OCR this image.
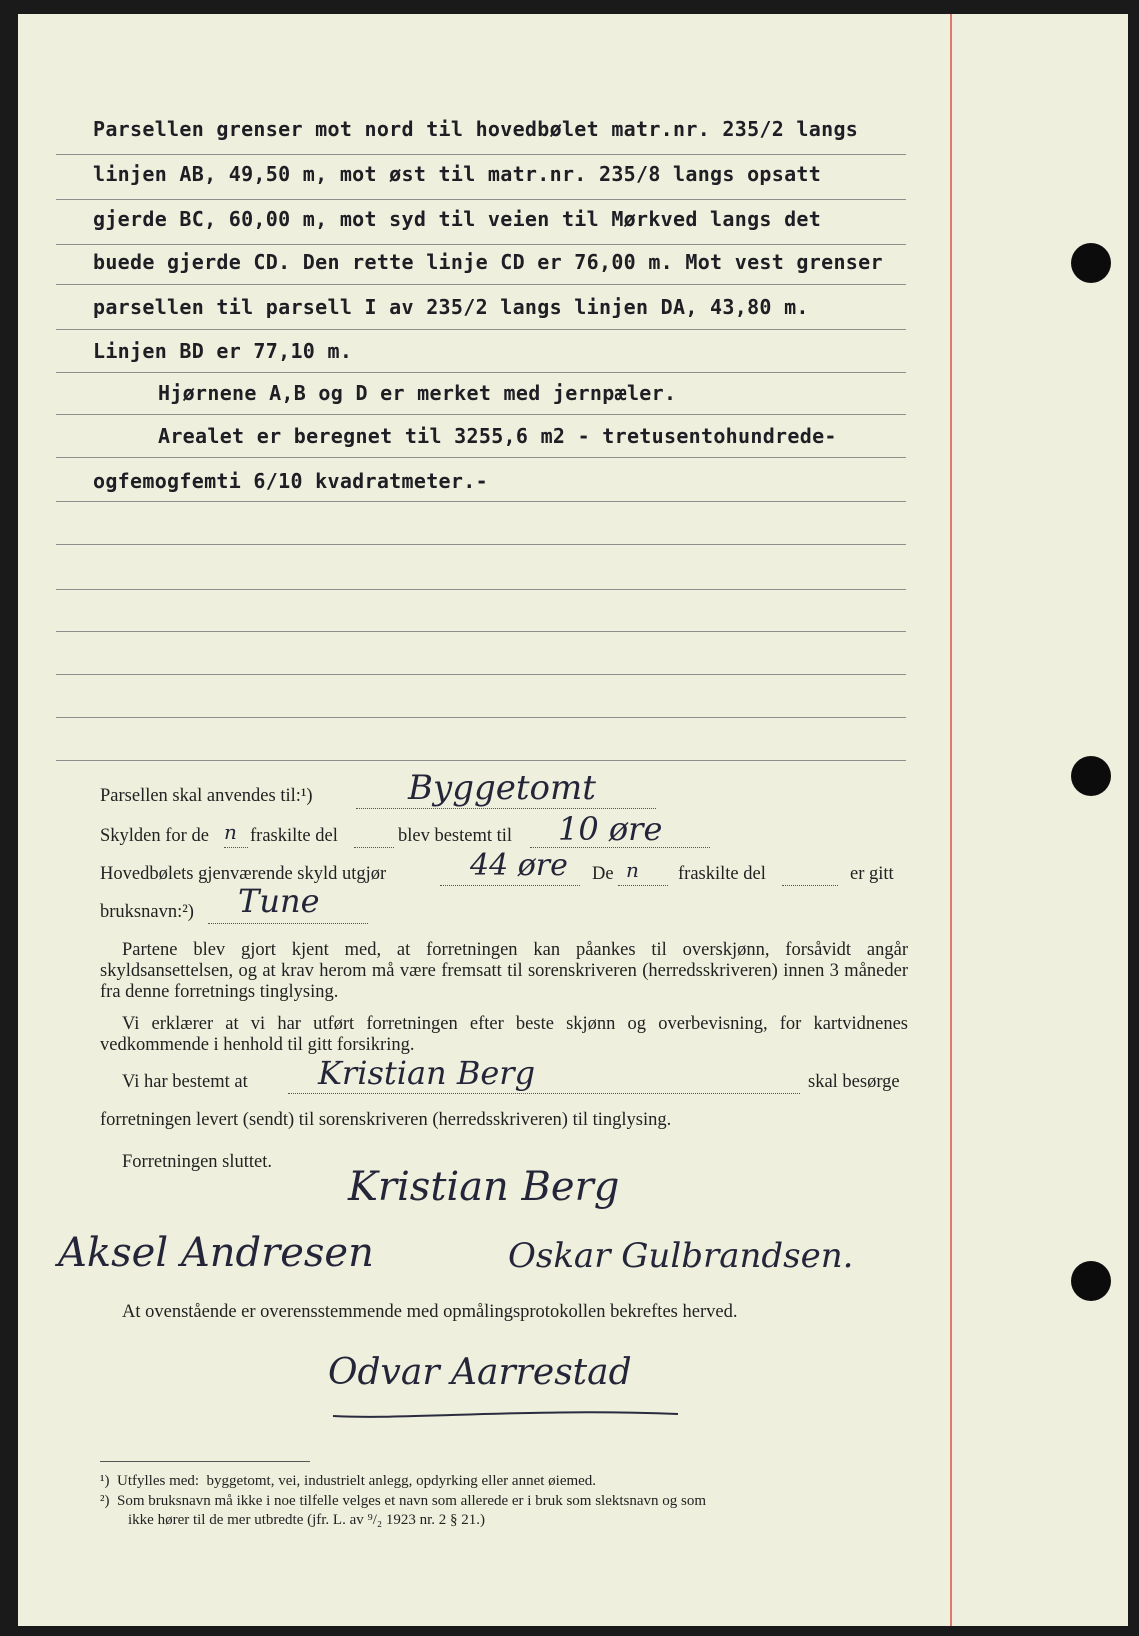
Parsellen grenser mot nord til hovedbølet matr.nr. 235/2 langs
linjen AB, 49,50 m, mot øst til matr.nr. 235/8 langs opsatt
gjerde BC, 60,00 m, mot syd til veien til Mørkved langs det
buede gjerde CD. Den rette linje CD er 76,00 m. Mot vest grenser
parsellen til parsell I av 235/2 langs linjen DA, 43,80 m.
Linjen BD er 77,10 m.
Hjørnene A,B og D er merket med jernpæler.
Arealet er beregnet til 3255,6 m2 - tretusentohundrede-
ogfemogfemti 6/10 kvadratmeter.-
Parsellen skal anvendes til:¹)	Byggetomt
Skylden for de n fraskilte del	blev bestemt til 10 øre
Hovedbølets gjenværende skyld utgjør	44 øre De n fraskilte del	er gitt
bruksnavn:²) Tune
Partene blev gjort kjent med, at forretningen kan påankes til overskjønn, forsåvidt angår skyldsansettelsen, og at krav herom må være fremsatt til sorenskriveren (herredsskriveren) innen 3 måneder fra denne forretnings tinglysing.
Vi erklærer at vi har utført forretningen efter beste skjønn og overbevisning, for kartvidnenes vedkommende i henhold til gitt forsikring.
Vi har bestemt at Kristian Berg	skal besørge
forretningen levert (sendt) til sorenskriveren (herredsskriveren) til tinglysing.
Forretningen sluttet.
Kristian Berg
Aksel Andresen	Oskar Gulbrandsen.
At ovenstående er overensstemmende med opmålingsprotokollen bekreftes herved.
Odvar Aarrestad
¹)  Utfylles med:  byggetomt, vei, industrielt anlegg, opdyrking eller annet øiemed.
²)  Som bruksnavn må ikke i noe tilfelle velges et navn som allerede er i bruk som slektsnavn og som
ikke hører til de mer utbredte (jfr. L. av ⁹/₂ 1923 nr. 2 § 21.)
